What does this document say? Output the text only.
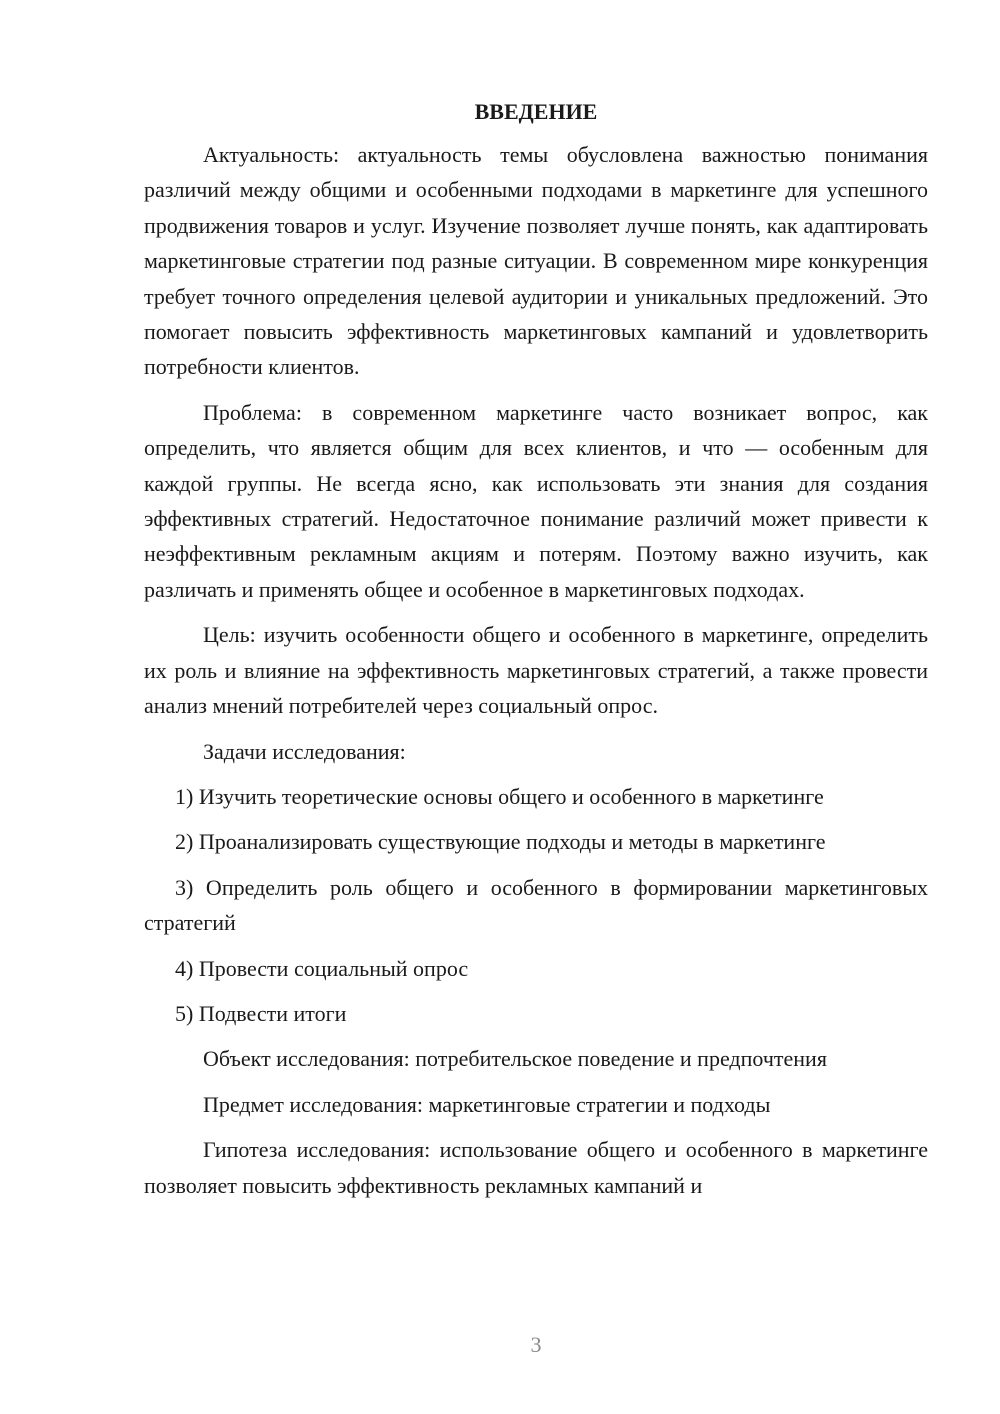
ВВЕДЕНИЕ

Актуальность: актуальность темы обусловлена важностью понимания различий между общими и особенными подходами в маркетинге для успешного продвижения товаров и услуг. Изучение позволяет лучше понять, как адаптировать маркетинговые стратегии под разные ситуации. В современном мире конкуренция требует точного определения целевой аудитории и уникальных предложений. Это помогает повысить эффективность маркетинговых кампаний и удовлетворить потребности клиентов.

Проблема: в современном маркетинге часто возникает вопрос, как определить, что является общим для всех клиентов, и что — особенным для каждой группы. Не всегда ясно, как использовать эти знания для создания эффективных стратегий. Недостаточное понимание различий может привести к неэффективным рекламным акциям и потерям. Поэтому важно изучить, как различать и применять общее и особенное в маркетинговых подходах.

Цель: изучить особенности общего и особенного в маркетинге, определить их роль и влияние на эффективность маркетинговых стратегий, а также провести анализ мнений потребителей через социальный опрос.

Задачи исследования:

1) Изучить теоретические основы общего и особенного в маркетинге

2) Проанализировать существующие подходы и методы в маркетинге

3) Определить роль общего и особенного в формировании маркетинговых стратегий

4) Провести социальный опрос

5) Подвести итоги

Объект исследования: потребительское поведение и предпочтения

Предмет исследования: маркетинговые стратегии и подходы

Гипотеза исследования: использование общего и особенного в маркетинге позволяет повысить эффективность рекламных кампаний и

3
